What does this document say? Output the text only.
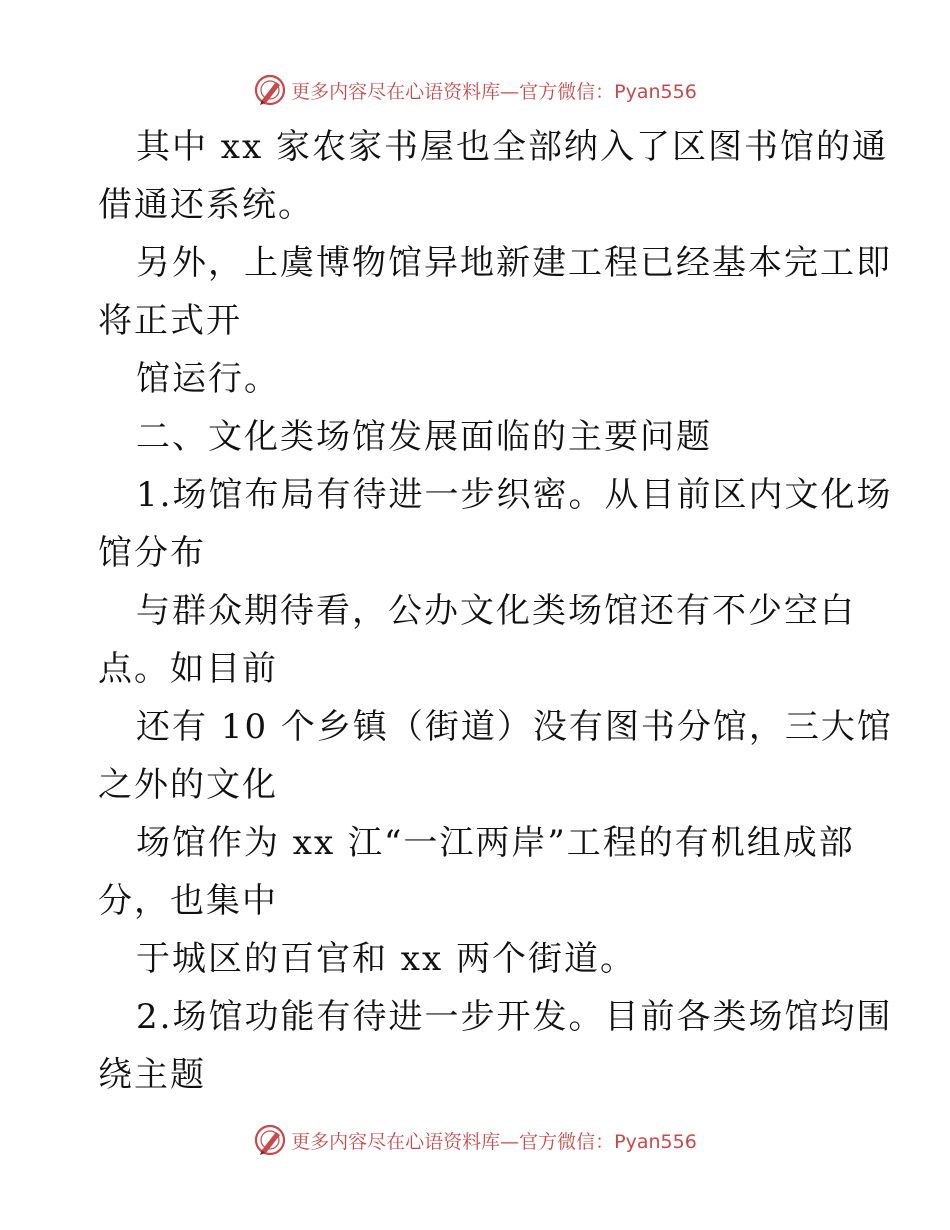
更多内容尽在心语资料库—官方微信：Pyan556
其中 xx 家农家书屋也全部纳入了区图书馆的通
借通还系统。
另外，上虞博物馆异地新建工程已经基本完工即
将正式开
馆运行。
二、文化类场馆发展面临的主要问题
1.场馆布局有待进一步织密。从目前区内文化场
馆分布
与群众期待看，公办文化类场馆还有不少空白
点。如目前
还有 10 个乡镇（街道）没有图书分馆，三大馆
之外的文化
场馆作为 xx 江“一江两岸”工程的有机组成部
分，也集中
于城区的百官和 xx 两个街道。
2.场馆功能有待进一步开发。目前各类场馆均围
绕主题
更多内容尽在心语资料库—官方微信：Pyan556
